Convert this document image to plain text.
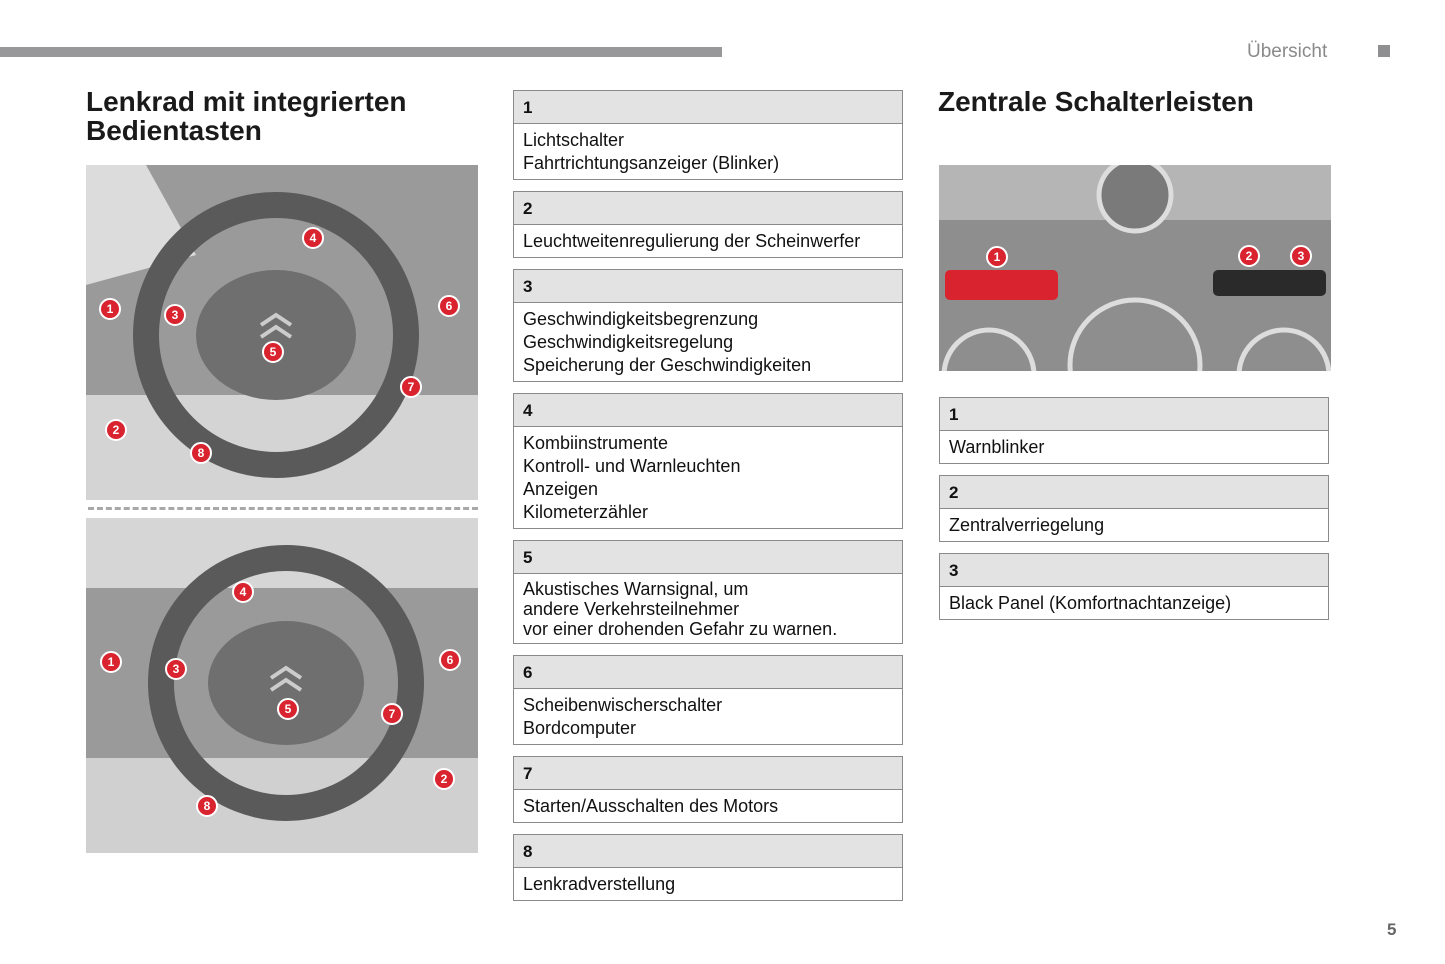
Übersicht
Lenkrad mit integrierten
Bedientasten
1
2
3
4
5
6
7
8
1
2
3
4
5
6
7
8
1
Lichtschalter
Fahrtrichtungsanzeiger (Blinker)
2
Leuchtweitenregulierung der Scheinwerfer
3
Geschwindigkeitsbegrenzung
Geschwindigkeitsregelung
Speicherung der Geschwindigkeiten
4
Kombiinstrumente
Kontroll- und Warnleuchten
Anzeigen
Kilometerzähler
5
Akustisches Warnsignal, um
andere Verkehrsteilnehmer
vor einer drohenden Gefahr zu warnen.
6
Scheibenwischerschalter
Bordcomputer
7
Starten/Ausschalten des Motors
8
Lenkradverstellung
Zentrale Schalterleisten
1	2	3
1
Warnblinker
2
Zentralverriegelung
3
Black Panel (Komfortnachtanzeige)
5
